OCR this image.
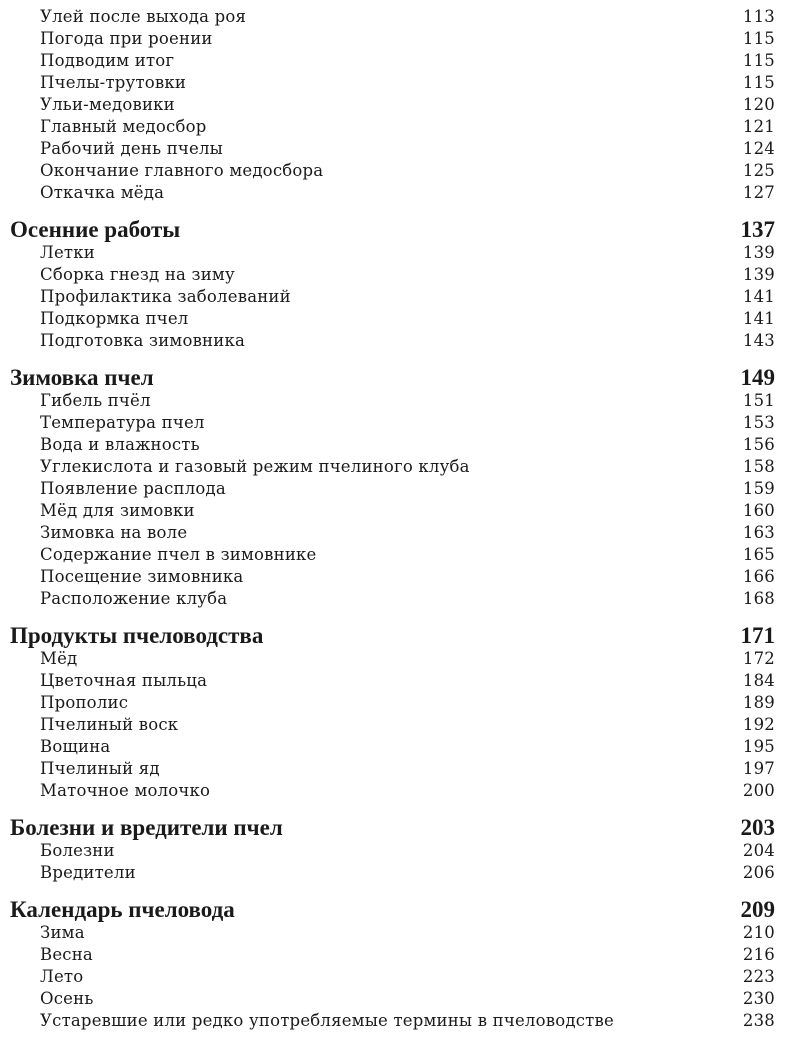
Улей после выхода роя	113
Погода при роении	115
Подводим итог	115
Пчелы-трутовки	115
Ульи-медовики	120
Главный медосбор	121
Рабочий день пчелы	124
Окончание главного медосбора	125
Откачка мёда	127
Осенние работы	137
Летки	139
Сборка гнезд на зиму	139
Профилактика заболеваний	141
Подкормка пчел	141
Подготовка зимовника	143
Зимовка пчел	149
Гибель пчёл	151
Температура пчел	153
Вода и влажность	156
Углекислота и газовый режим пчелиного клуба	158
Появление расплода	159
Мёд для зимовки	160
Зимовка на воле	163
Содержание пчел в зимовнике	165
Посещение зимовника	166
Расположение клуба	168
Продукты пчеловодства	171
Мёд	172
Цветочная пыльца	184
Прополис	189
Пчелиный воск	192
Вощина	195
Пчелиный яд	197
Маточное молочко	200
Болезни и вредители пчел	203
Болезни	204
Вредители	206
Календарь пчеловода	209
Зима	210
Весна	216
Лето	223
Осень	230
Устаревшие или редко употребляемые термины в пчеловодстве	238
